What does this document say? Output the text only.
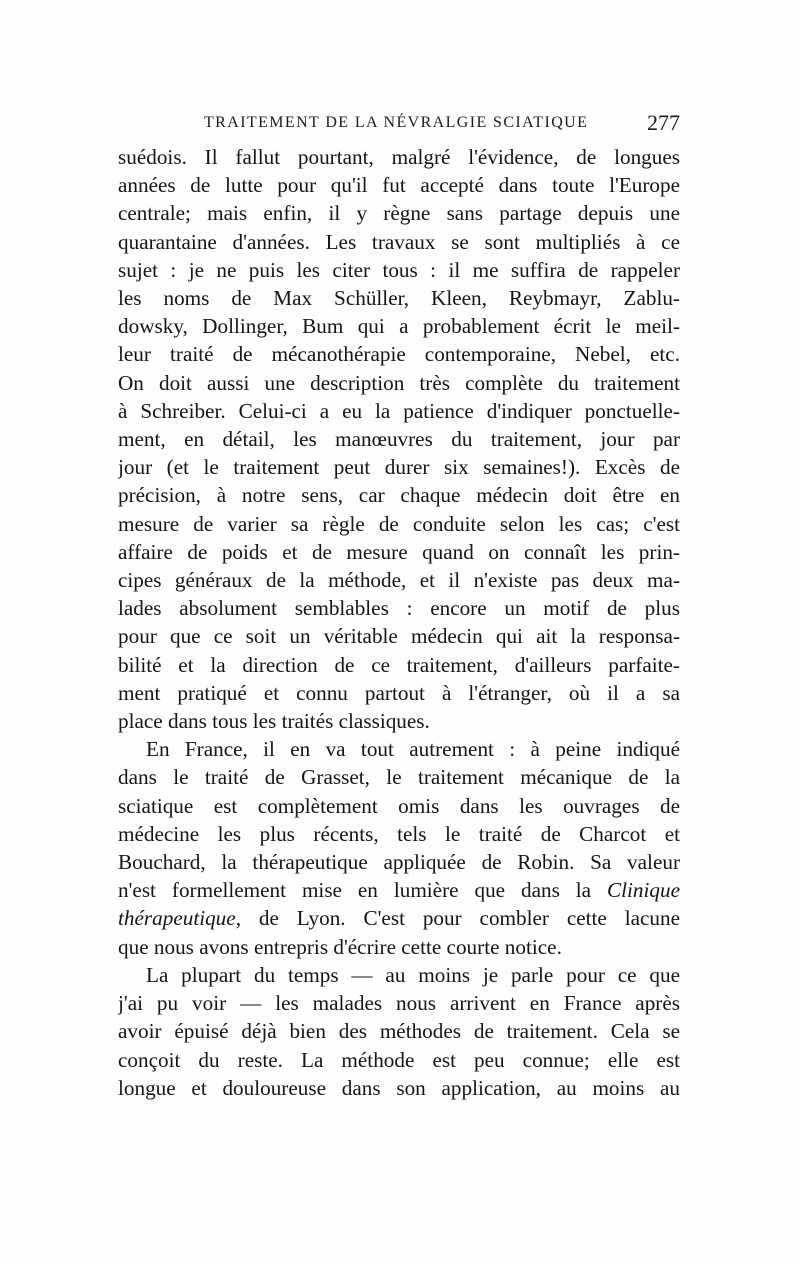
TRAITEMENT DE LA NÉVRALGIE SCIATIQUE	277
suédois. Il fallut pourtant, malgré l'évidence, de longues
années de lutte pour qu'il fut accepté dans toute l'Europe
centrale; mais enfin, il y règne sans partage depuis une
quarantaine d'années. Les travaux se sont multipliés à ce
sujet : je ne puis les citer tous : il me suffira de rappeler
les noms de Max Schüller, Kleen, Reybmayr, Zablu-
dowsky, Dollinger, Bum qui a probablement écrit le meil-
leur traité de mécanothérapie contemporaine, Nebel, etc.
On doit aussi une description très complète du traitement
à Schreiber. Celui-ci a eu la patience d'indiquer ponctuelle-
ment, en détail, les manœuvres du traitement, jour par
jour (et le traitement peut durer six semaines!). Excès de
précision, à notre sens, car chaque médecin doit être en
mesure de varier sa règle de conduite selon les cas; c'est
affaire de poids et de mesure quand on connaît les prin-
cipes généraux de la méthode, et il n'existe pas deux ma-
lades absolument semblables : encore un motif de plus
pour que ce soit un véritable médecin qui ait la responsa-
bilité et la direction de ce traitement, d'ailleurs parfaite-
ment pratiqué et connu partout à l'étranger, où il a sa
place dans tous les traités classiques.
En France, il en va tout autrement : à peine indiqué
dans le traité de Grasset, le traitement mécanique de la
sciatique est complètement omis dans les ouvrages de
médecine les plus récents, tels le traité de Charcot et
Bouchard, la thérapeutique appliquée de Robin. Sa valeur
n'est formellement mise en lumière que dans la Clinique
thérapeutique, de Lyon. C'est pour combler cette lacune
que nous avons entrepris d'écrire cette courte notice.
La plupart du temps — au moins je parle pour ce que
j'ai pu voir — les malades nous arrivent en France après
avoir épuisé déjà bien des méthodes de traitement. Cela se
conçoit du reste. La méthode est peu connue; elle est
longue et douloureuse dans son application, au moins au
